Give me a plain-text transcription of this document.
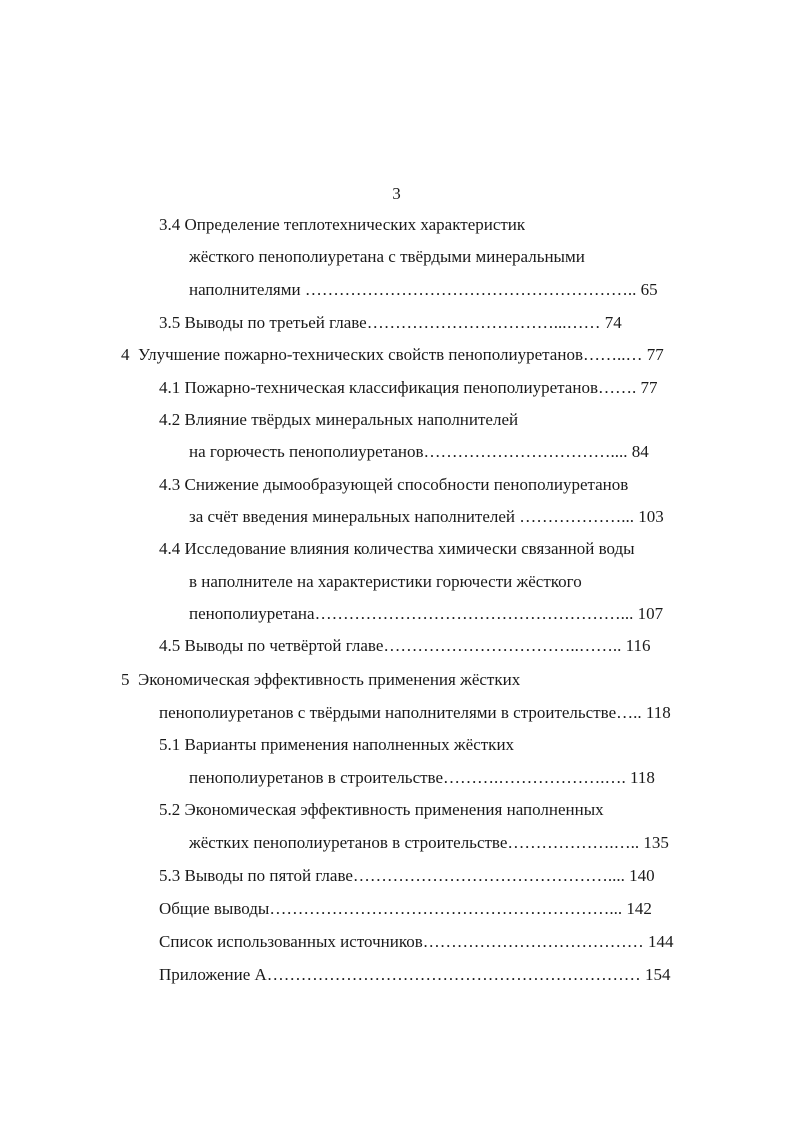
3
3.4 Определение теплотехнических характеристик
жёсткого пенополиуретана с твёрдыми минеральными
наполнителями ………………………………………………….. 65
3.5 Выводы по третьей главе……………………………...…… 74
4  Улучшение пожарно-технических свойств пенополиуретанов……..… 77
4.1 Пожарно-техническая классификация пенополиуретанов……. 77
4.2 Влияние твёрдых минеральных наполнителей
на горючесть пенополиуретанов…………………………….... 84
4.3 Снижение дымообразующей способности пенополиуретанов
за счёт введения минеральных наполнителей ………………... 103
4.4 Исследование влияния количества химически связанной воды
в наполнителе на характеристики горючести жёсткого
пенополиуретана………………………………………………... 107
4.5 Выводы по четвёртой главе……………………………..…….. 116
5  Экономическая эффективность применения жёстких
пенополиуретанов с твёрдыми наполнителями в строительстве….. 118
5.1 Варианты применения наполненных жёстких
пенополиуретанов в строительстве……….……………….…. 118
5.2 Экономическая эффективность применения наполненных
жёстких пенополиуретанов в строительстве……………….….. 135
5.3 Выводы по пятой главе……………………………………….... 140
Общие выводы……………………………………………………... 142
Список использованных источников………………………………… 144
Приложение А………………………………………………………… 154
